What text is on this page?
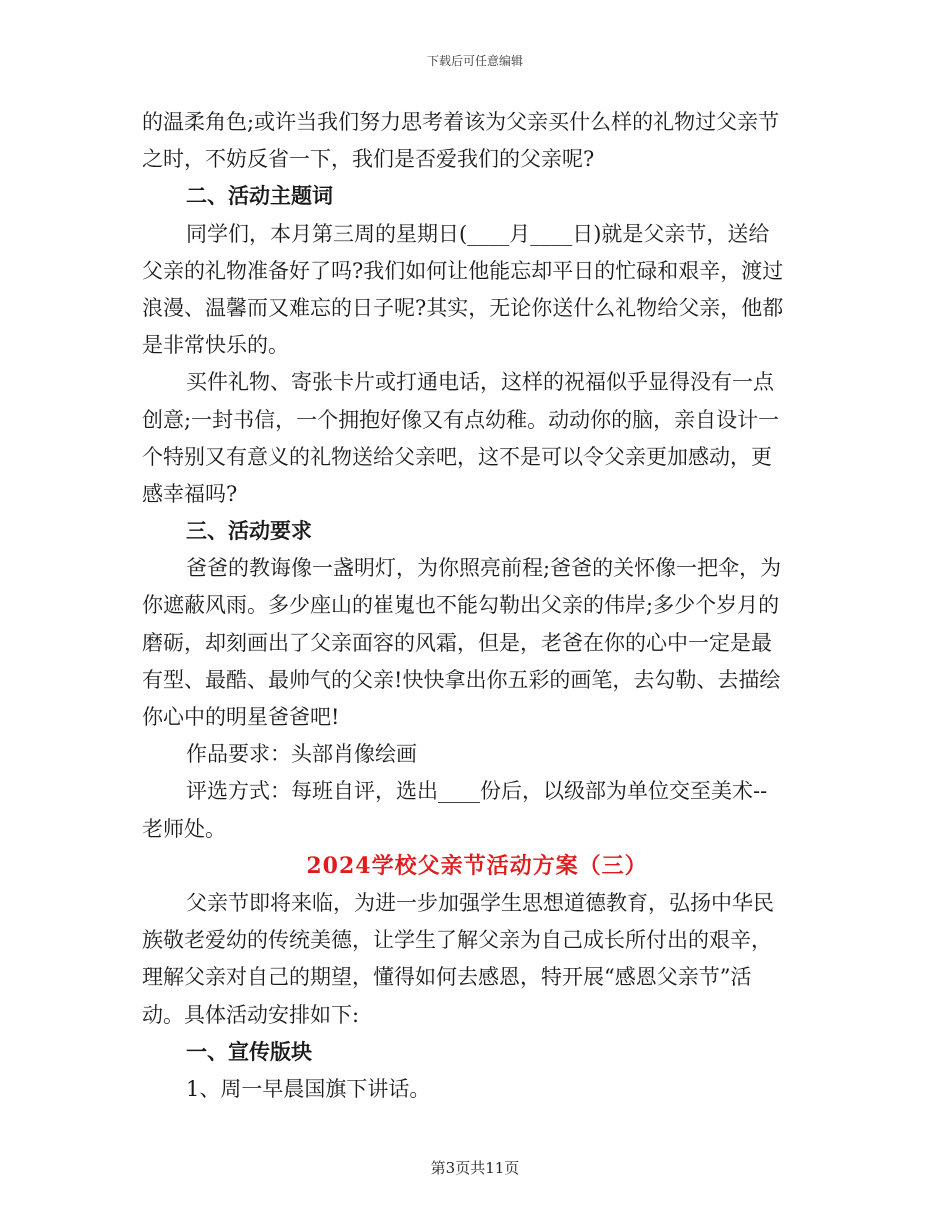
下载后可任意编辑

的温柔角色;或许当我们努力思考着该为父亲买什么样的礼物过父亲节

之时，不妨反省一下，我们是否爱我们的父亲呢?

二、活动主题词

同学们，本月第三周的星期日(____月____日)就是父亲节，送给

父亲的礼物准备好了吗?我们如何让他能忘却平日的忙碌和艰辛，渡过

浪漫、温馨而又难忘的日子呢?其实，无论你送什么礼物给父亲，他都

是非常快乐的。

买件礼物、寄张卡片或打通电话，这样的祝福似乎显得没有一点

创意;一封书信，一个拥抱好像又有点幼稚。动动你的脑，亲自设计一

个特别又有意义的礼物送给父亲吧，这不是可以令父亲更加感动，更

感幸福吗?

三、活动要求

爸爸的教诲像一盏明灯，为你照亮前程;爸爸的关怀像一把伞，为

你遮蔽风雨。多少座山的崔嵬也不能勾勒出父亲的伟岸;多少个岁月的

磨砺，却刻画出了父亲面容的风霜，但是，老爸在你的心中一定是最

有型、最酷、最帅气的父亲!快快拿出你五彩的画笔，去勾勒、去描绘

你心中的明星爸爸吧!

作品要求：头部肖像绘画

评选方式：每班自评，选出____份后，以级部为单位交至美术--

老师处。

2024学校父亲节活动方案（三）

父亲节即将来临，为进一步加强学生思想道德教育，弘扬中华民

族敬老爱幼的传统美德，让学生了解父亲为自己成长所付出的艰辛，

理解父亲对自己的期望，懂得如何去感恩，特开展“感恩父亲节”活

动。具体活动安排如下:

一、宣传版块

1、周一早晨国旗下讲话。

第3页共11页
